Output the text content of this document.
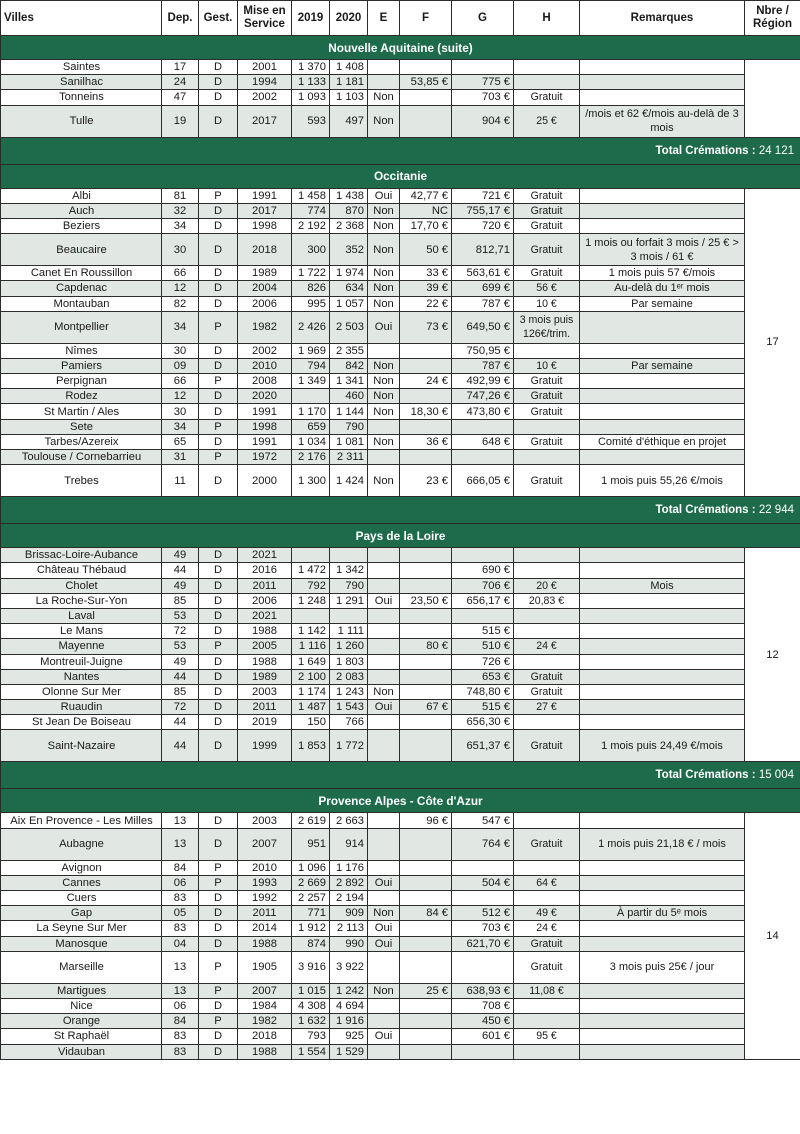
Villes	Dep.	Gest.	Mise en Service	2019	2020	E	F	G	H	Remarques	Nbre / Région
Nouvelle Aquitaine (suite)											
Saintes	17	D	2001	1 370	1 408						
Sanilhac	24	D	1994	1 133	1 181		53,85 €	775 €			
Tonneins	47	D	2002	1 093	1 103	Non		703 €	Gratuit		
Tulle	19	D	2017	593	497	Non		904 €	25 €	/mois et 62 €/mois au-delà de 3 mois	
Total Crémations : 24 121											
Occitanie											
Albi	81	P	1991	1 458	1 438	Oui	42,77 €	721 €	Gratuit		17
Auch	32	D	2017	774	870	Non	NC	755,17 €	Gratuit		
Beziers	34	D	1998	2 192	2 368	Non	17,70 €	720 €	Gratuit		
Beaucaire	30	D	2018	300	352	Non	50 €	812,71	Gratuit	1 mois ou forfait 3 mois / 25 € > 3 mois / 61 €	
Canet En Roussillon	66	D	1989	1 722	1 974	Non	33 €	563,61 €	Gratuit	1 mois puis 57 €/mois	
Capdenac	12	D	2004	826	634	Non	39 €	699 €	56 €	Au-delà du 1ᵉʳ mois	
Montauban	82	D	2006	995	1 057	Non	22 €	787 €	10 €	Par semaine	
Montpellier	34	P	1982	2 426	2 503	Oui	73 €	649,50 €	3 mois puis 126€/trim.		
Nîmes	30	D	2002	1 969	2 355			750,95 €			
Pamiers	09	D	2010	794	842	Non		787 €	10 €	Par semaine	
Perpignan	66	P	2008	1 349	1 341	Non	24 €	492,99 €	Gratuit		
Rodez	12	D	2020		460	Non		747,26 €	Gratuit		
St Martin / Ales	30	D	1991	1 170	1 144	Non	18,30 €	473,80 €	Gratuit		
Sete	34	P	1998	659	790						
Tarbes/Azereix	65	D	1991	1 034	1 081	Non	36 €	648 €	Gratuit	Comité d'éthique en projet	
Toulouse / Cornebarrieu	31	P	1972	2 176	2 311						
Trebes	11	D	2000	1 300	1 424	Non	23 €	666,05 €	Gratuit	1 mois puis 55,26 €/mois	
Total Crémations : 22 944											
Pays de la Loire											
Brissac-Loire-Aubance	49	D	2021								12
Château Thébaud	44	D	2016	1 472	1 342			690 €			
Cholet	49	D	2011	792	790			706 €	20 €	Mois	
La Roche-Sur-Yon	85	D	2006	1 248	1 291	Oui	23,50 €	656,17 €	20,83 €		
Laval	53	D	2021								
Le Mans	72	D	1988	1 142	1 111			515 €			
Mayenne	53	P	2005	1 116	1 260		80 €	510 €	24 €		
Montreuil-Juigne	49	D	1988	1 649	1 803			726 €			
Nantes	44	D	1989	2 100	2 083			653 €	Gratuit		
Olonne Sur Mer	85	D	2003	1 174	1 243	Non		748,80 €	Gratuit		
Ruaudin	72	D	2011	1 487	1 543	Oui	67 €	515 €	27 €		
St Jean De Boiseau	44	D	2019	150	766			656,30 €			
Saint-Nazaire	44	D	1999	1 853	1 772			651,37 €	Gratuit	1 mois puis 24,49 €/mois	
Total Crémations : 15 004											
Provence Alpes - Côte d'Azur											
Aix En Provence - Les Milles	13	D	2003	2 619	2 663		96 €	547 €			14
Aubagne	13	D	2007	951	914			764 €	Gratuit	1 mois puis 21,18 € / mois	
Avignon	84	P	2010	1 096	1 176						
Cannes	06	P	1993	2 669	2 892	Oui		504 €	64 €		
Cuers	83	D	1992	2 257	2 194						
Gap	05	D	2011	771	909	Non	84 €	512 €	49 €	À partir du 5ᵉ mois	
La Seyne Sur Mer	83	D	2014	1 912	2 113	Oui		703 €	24 €		
Manosque	04	D	1988	874	990	Oui		621,70 €	Gratuit		
Marseille	13	P	1905	3 916	3 922				Gratuit	3 mois puis 25€ / jour	
Martigues	13	P	2007	1 015	1 242	Non	25 €	638,93 €	11,08 €		
Nice	06	D	1984	4 308	4 694			708 €			
Orange	84	P	1982	1 632	1 916			450 €			
St Raphaël	83	D	2018	793	925	Oui		601 €	95 €		
Vidauban	83	D	1988	1 554	1 529						
